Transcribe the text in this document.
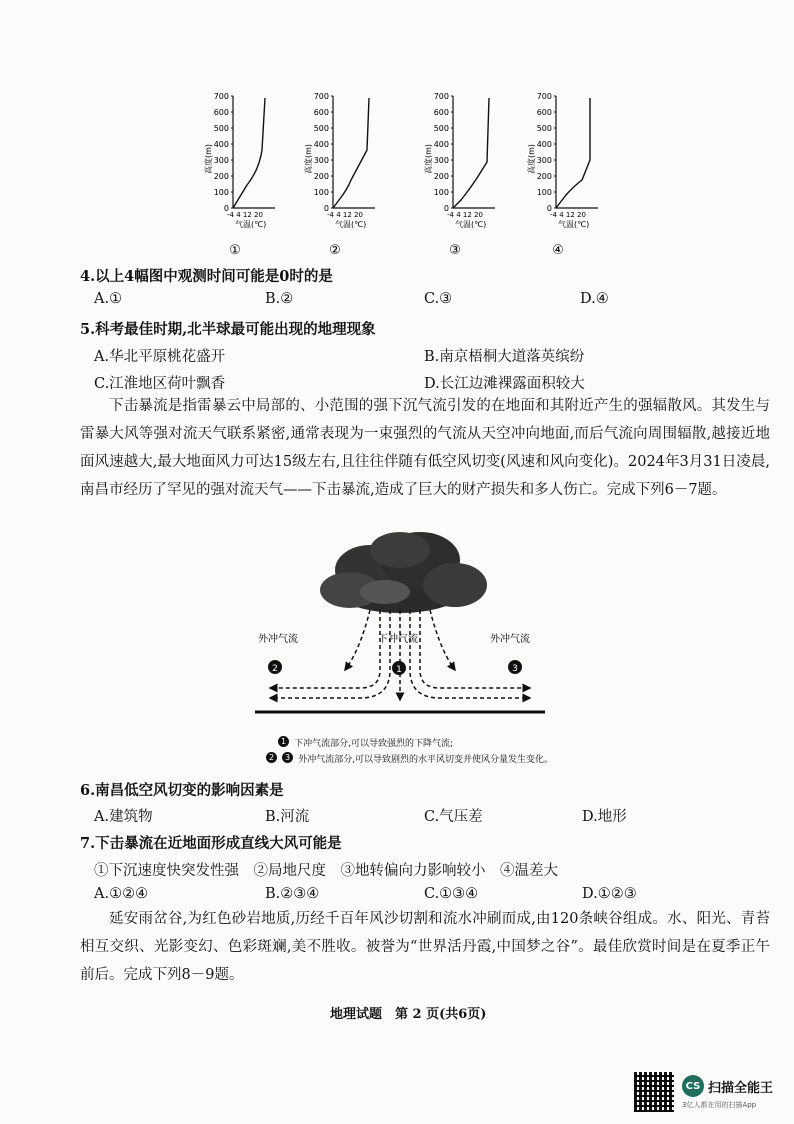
700
600
500
400
300
200
100
0
-4 4 12 20
高度(m)
气温(℃)
①
700
600
500
400
300
200
100
0
-4 4 12 20
高度(m)
气温(℃)
②
700
600
500
400
300
200
100
0
-4 4 12 20
高度(m)
气温(℃)
③
700
600
500
400
300
200
100
0
-4 4 12 20
高度(m)
气温(℃)
④
4.以上4幅图中观测时间可能是0时的是
A.①	B.②	C.③	D.④
5.科考最佳时期,北半球最可能出现的地理现象
A.华北平原桃花盛开	B.南京梧桐大道落英缤纷
C.江淮地区荷叶飘香	D.长江边滩裸露面积较大
下击暴流是指雷暴云中局部的、小范围的强下沉气流引发的在地面和其附近产生的强辐散风。其发生与雷暴大风等强对流天气联系紧密,通常表现为一束强烈的气流从天空冲向地面,而后气流向周围辐散,越接近地面风速越大,最大地面风力可达15级左右,且往往伴随有低空风切变(风速和风向变化)。2024年3月31日凌晨,南昌市经历了罕见的强对流天气——下击暴流,造成了巨大的财产损失和多人伤亡。完成下列6－7题。
外冲气流	下冲气流	外冲气流
2	1	3
1 下冲气流部分,可以导致强烈的下降气流;
2 3 外冲气流部分,可以导致剧烈的水平风切变并使风分量发生变化。
6.南昌低空风切变的影响因素是
A.建筑物	B.河流	C.气压差	D.地形
7.下击暴流在近地面形成直线大风可能是
①下沉速度快突发性强　②局地尺度　③地转偏向力影响较小　④温差大
A.①②④	B.②③④	C.①③④	D.①②③
延安雨岔谷,为红色砂岩地质,历经千百年风沙切割和流水冲刷而成,由120条峡谷组成。水、阳光、青苔相互交织、光影变幻、色彩斑斓,美不胜收。被誉为“世界活丹霞,中国梦之谷”。最佳欣赏时间是在夏季正午前后。完成下列8－9题。
地理试题　第 2 页(共6页)
CS 扫描全能王
3亿人都在用的扫描App
